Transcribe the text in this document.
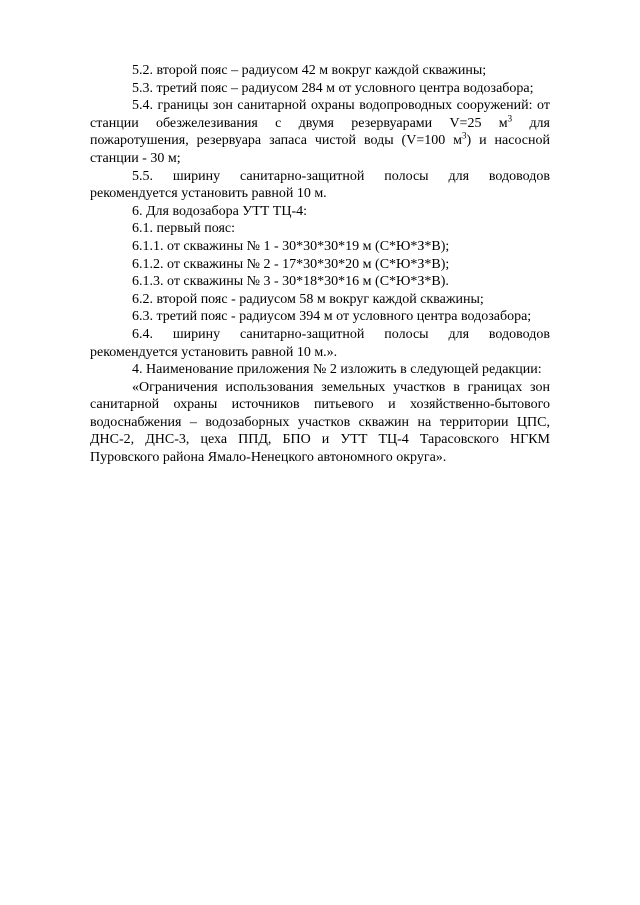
5.2. второй пояс – радиусом 42 м вокруг каждой скважины;

5.3. третий пояс – радиусом 284 м от условного центра водозабора;

5.4. границы зон санитарной охраны водопроводных сооружений: от станции обезжелезивания с двумя резервуарами V=25 $м^3$ для пожаротушения, резервуара запаса чистой воды (V=100 $м^3$) и насосной станции - 30 м;

5.5. ширину санитарно-защитной полосы для водоводов рекомендуется установить равной 10 м.

6. Для водозабора УТТ ТЦ-4:

6.1. первый пояс:

6.1.1. от скважины № 1 - 30*30*30*19 м (С*Ю*З*В);

6.1.2. от скважины № 2 - 17*30*30*20 м (С*Ю*З*В);

6.1.3. от скважины № 3 - 30*18*30*16 м (С*Ю*З*В).

6.2. второй пояс - радиусом 58 м вокруг каждой скважины;

6.3. третий пояс - радиусом 394 м от условного центра водозабора;

6.4. ширину санитарно-защитной полосы для водоводов рекомендуется установить равной 10 м.».

4. Наименование приложения № 2 изложить в следующей редакции:

«Ограничения использования земельных участков в границах зон санитарной охраны источников питьевого и хозяйственно-бытового водоснабжения – водозаборных участков скважин на территории ЦПС, ДНС-2, ДНС-3, цеха ППД, БПО и УТТ ТЦ-4 Тарасовского НГКМ Пуровского района Ямало-Ненецкого автономного округа».
